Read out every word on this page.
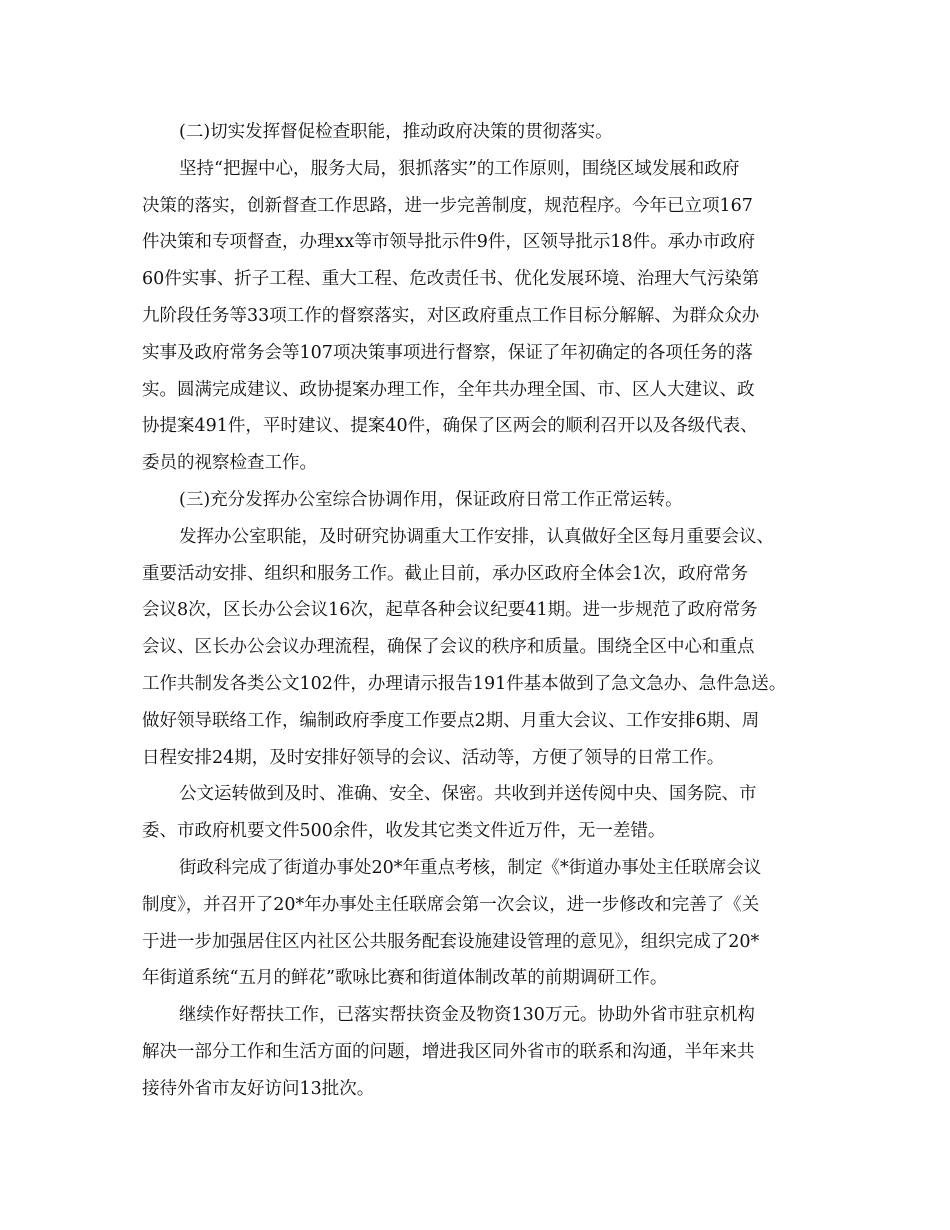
(二)切实发挥督促检查职能，推动政府决策的贯彻落实。

坚持“把握中心，服务大局，狠抓落实”的工作原则，围绕区域发展和政府
决策的落实，创新督查工作思路，进一步完善制度，规范程序。今年已立项167
件决策和专项督查，办理xx等市领导批示件9件，区领导批示18件。承办市政府
60件实事、折子工程、重大工程、危改责任书、优化发展环境、治理大气污染第
九阶段任务等33项工作的督察落实，对区政府重点工作目标分解解、为群众众办
实事及政府常务会等107项决策事项进行督察，保证了年初确定的各项任务的落
实。圆满完成建议、政协提案办理工作，全年共办理全国、市、区人大建议、政
协提案491件，平时建议、提案40件，确保了区两会的顺利召开以及各级代表、
委员的视察检查工作。

(三)充分发挥办公室综合协调作用，保证政府日常工作正常运转。

发挥办公室职能，及时研究协调重大工作安排，认真做好全区每月重要会议、
重要活动安排、组织和服务工作。截止目前，承办区政府全体会1次，政府常务
会议8次，区长办公会议16次，起草各种会议纪要41期。进一步规范了政府常务
会议、区长办公会议办理流程，确保了会议的秩序和质量。围绕全区中心和重点
工作共制发各类公文102件，办理请示报告191件基本做到了急文急办、急件急送。
做好领导联络工作，编制政府季度工作要点2期、月重大会议、工作安排6期、周
日程安排24期，及时安排好领导的会议、活动等，方便了领导的日常工作。

公文运转做到及时、准确、安全、保密。共收到并送传阅中央、国务院、市
委、市政府机要文件500余件，收发其它类文件近万件，无一差错。

街政科完成了街道办事处20*年重点考核，制定《*街道办事处主任联席会议
制度》，并召开了20*年办事处主任联席会第一次会议，进一步修改和完善了《关
于进一步加强居住区内社区公共服务配套设施建设管理的意见》，组织完成了20*
年街道系统“五月的鲜花”歌咏比赛和街道体制改革的前期调研工作。

继续作好帮扶工作，已落实帮扶资金及物资130万元。协助外省市驻京机构
解决一部分工作和生活方面的问题，增进我区同外省市的联系和沟通，半年来共
接待外省市友好访问13批次。
